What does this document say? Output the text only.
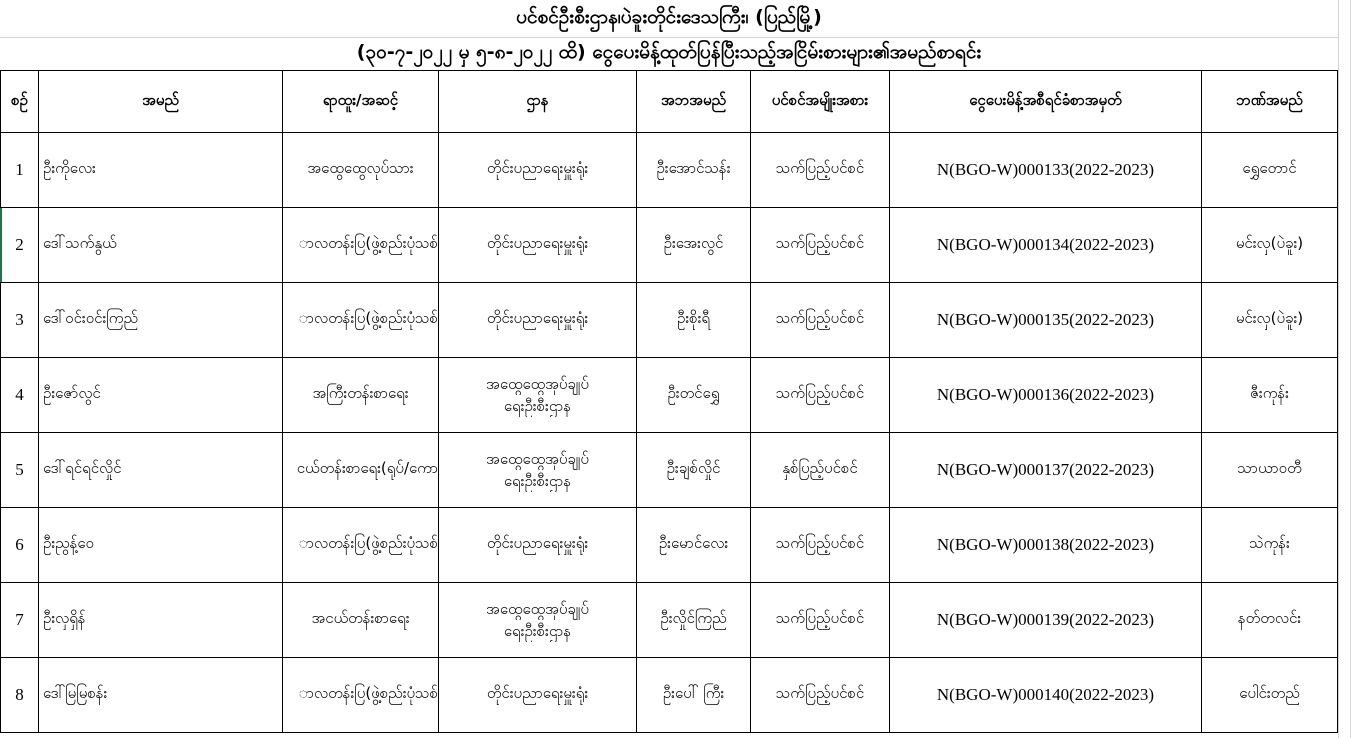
ပင်စင်ဦးစီးဌာန၊ပဲခူးတိုင်းဒေသကြီး၊ (ပြည်မြို့)
(၃၀-၇-၂၀၂၂ မှ ၅-၈-၂၀၂၂ ထိ) ငွေပေးမိန့်ထုတ်ပြန်ပြီးသည့်အငြိမ်းစားများ၏အမည်စာရင်း
စဉ်	အမည်	ရာထူး/အဆင့်	ဌာန	အဘအမည်	ပင်စင်အမျိုးအစား	ငွေပေးမိန့်အစီရင်ခံစာအမှတ်	ဘဏ်အမည်
1	ဦးကိုလေး	အထွေထွေလုပ်သား	တိုင်းပညာရေးမှူးရုံး	ဦးအောင်သန်း	သက်ပြည့်ပင်စင်	N(BGO-W)000133(2022-2023)	ရွှေတောင်
2	ဒေါ်သက်နွယ်	ာလတန်းပြ(ဖွဲ့စည်းပုံသစ်	တိုင်းပညာရေးမှူးရုံး	ဦးအေးလွင်	သက်ပြည့်ပင်စင်	N(BGO-W)000134(2022-2023)	မင်းလှ(ပဲခူး)
3	ဒေါ်ဝင်းဝင်းကြည်	ာလတန်းပြ(ဖွဲ့စည်းပုံသစ်	တိုင်းပညာရေးမှူးရုံး	ဦးစိုးရီ	သက်ပြည့်ပင်စင်	N(BGO-W)000135(2022-2023)	မင်းလှ(ပဲခူး)
4	ဦးဇော်လွင်	အကြီးတန်းစာရေး	အထွေထွေအုပ်ချုပ်
ရေးဦးစီးဌာန	ဦးတင်ရွှေ	သက်ပြည့်ပင်စင်	N(BGO-W)000136(2022-2023)	ဇီးကုန်း
5	ဒေါ်ရင်ရင်လှိုင်	ငယ်တန်းစာရေး(ရုပ်/ကော	အထွေထွေအုပ်ချုပ်
ရေးဦးစီးဌာန	ဦးချစ်လှိုင်	နှစ်ပြည့်ပင်စင်	N(BGO-W)000137(2022-2023)	သာယာဝတီ
6	ဦးညွန့်ဝေ	ာလတန်းပြ(ဖွဲ့စည်းပုံသစ်	တိုင်းပညာရေးမှူးရုံး	ဦးမောင်လေး	သက်ပြည့်ပင်စင်	N(BGO-W)000138(2022-2023)	သဲကုန်း
7	ဦးလှရှိန်	အငယ်တန်းစာရေး	အထွေထွေအုပ်ချုပ်
ရေးဦးစီးဌာန	ဦးလှိုင်ကြည်	သက်ပြည့်ပင်စင်	N(BGO-W)000139(2022-2023)	နတ်တလင်း
8	ဒေါ်မြမြစန်း	ာလတန်းပြ(ဖွဲ့စည်းပုံသစ်	တိုင်းပညာရေးမှူးရုံး	ဦးပေါ် ကြီး	သက်ပြည့်ပင်စင်	N(BGO-W)000140(2022-2023)	ပေါင်းတည်
